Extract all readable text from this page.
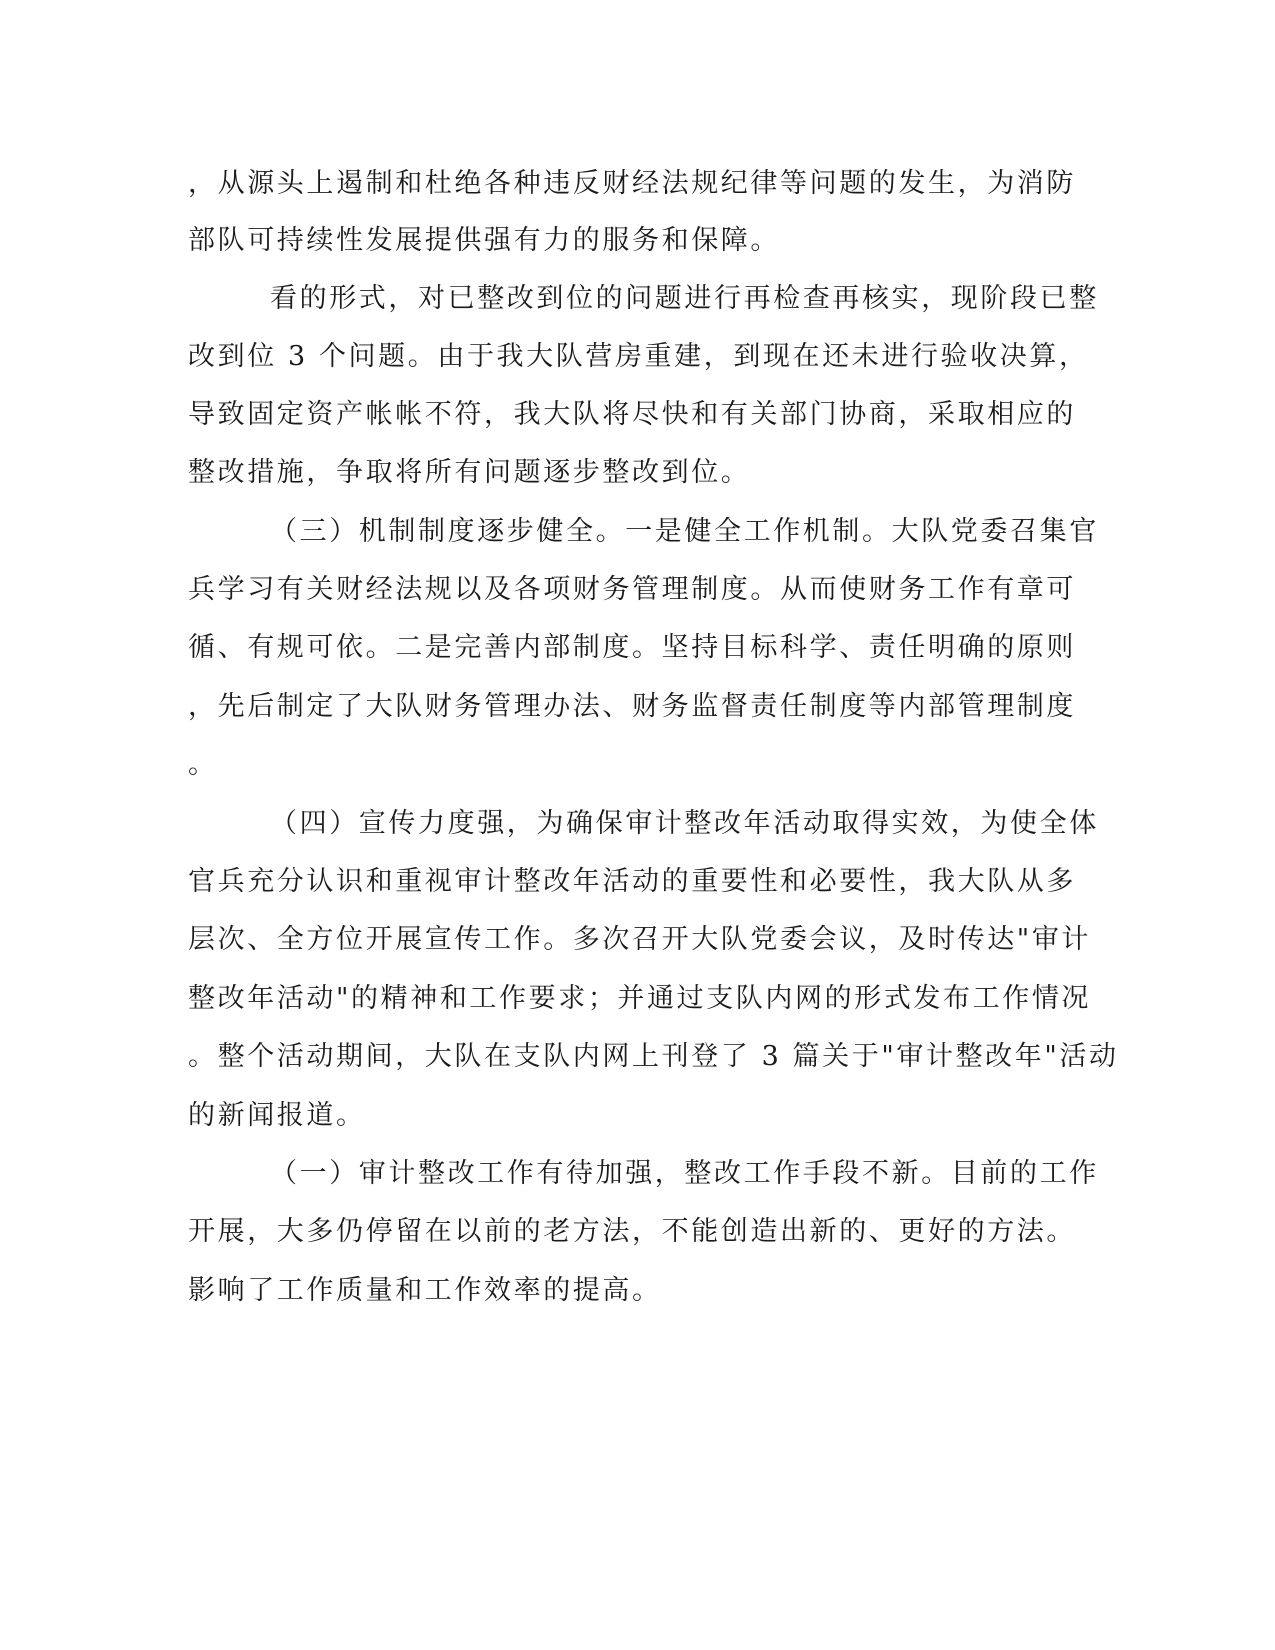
，从源头上遏制和杜绝各种违反财经法规纪律等问题的发生，为消防

部队可持续性发展提供强有力的服务和保障。

看的形式，对已整改到位的问题进行再检查再核实，现阶段已整

改到位 3 个问题。由于我大队营房重建，到现在还未进行验收决算，

导致固定资产帐帐不符，我大队将尽快和有关部门协商，采取相应的

整改措施，争取将所有问题逐步整改到位。

（三）机制制度逐步健全。一是健全工作机制。大队党委召集官

兵学习有关财经法规以及各项财务管理制度。从而使财务工作有章可

循、有规可依。二是完善内部制度。坚持目标科学、责任明确的原则

，先后制定了大队财务管理办法、财务监督责任制度等内部管理制度

。

（四）宣传力度强，为确保审计整改年活动取得实效，为使全体

官兵充分认识和重视审计整改年活动的重要性和必要性，我大队从多

层次、全方位开展宣传工作。多次召开大队党委会议，及时传达"审计

整改年活动"的精神和工作要求；并通过支队内网的形式发布工作情况

。整个活动期间，大队在支队内网上刊登了 3 篇关于"审计整改年"活动

的新闻报道。

（一）审计整改工作有待加强，整改工作手段不新。目前的工作

开展，大多仍停留在以前的老方法，不能创造出新的、更好的方法。

影响了工作质量和工作效率的提高。
